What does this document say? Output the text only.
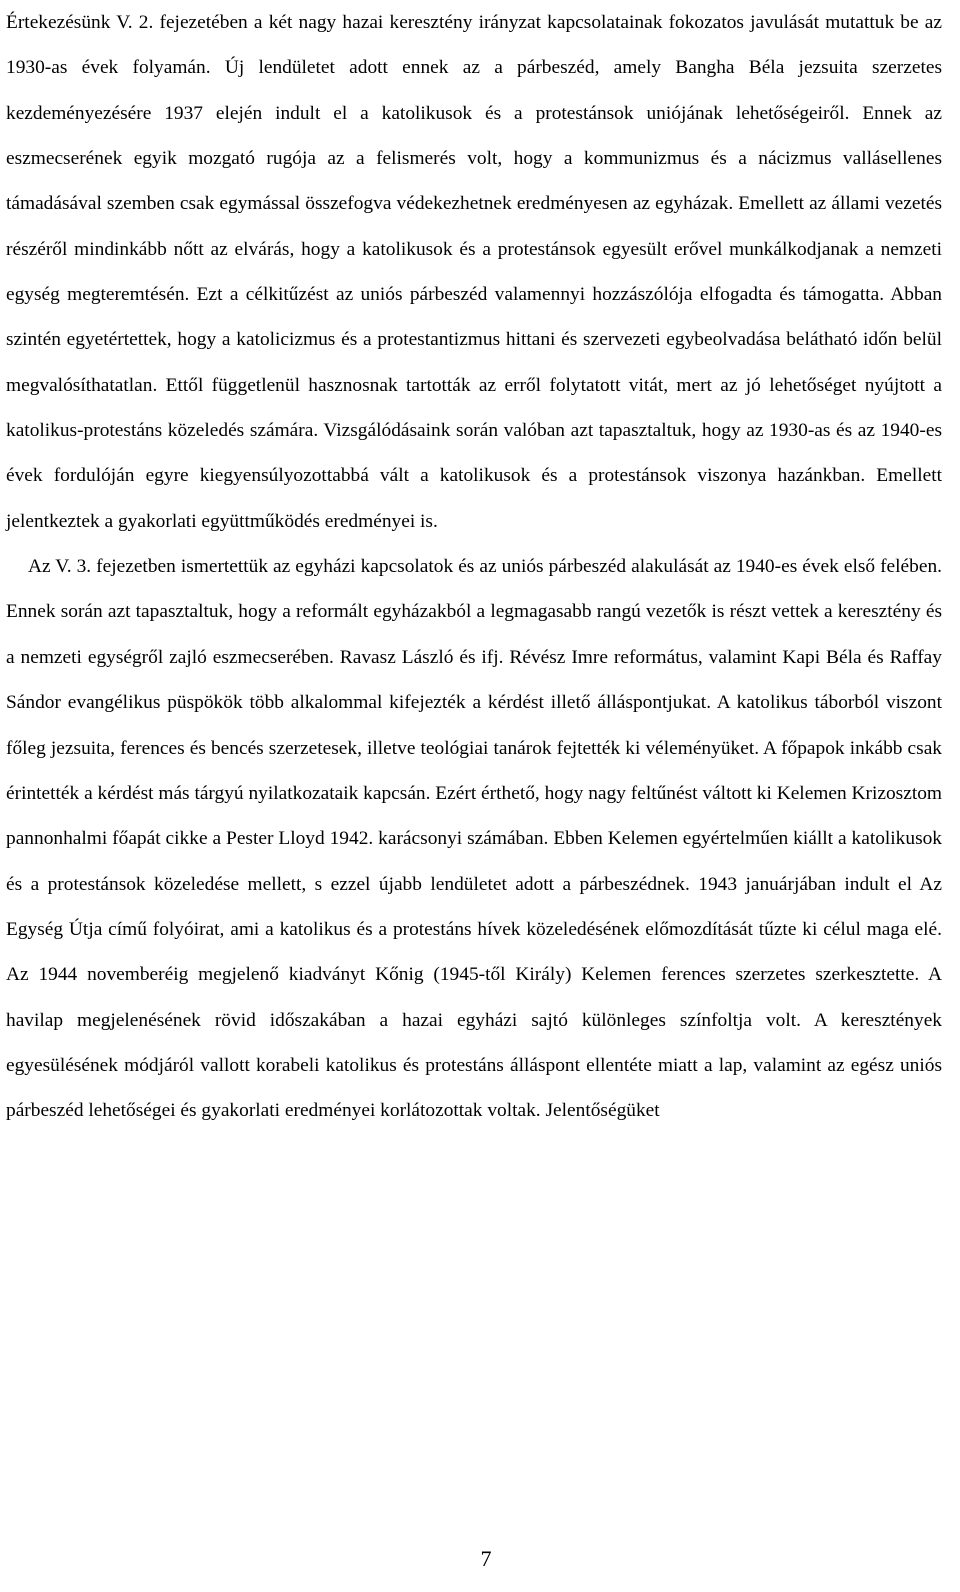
Értekezésünk V. 2. fejezetében a két nagy hazai keresztény irányzat kapcsolatainak fokozatos javulását mutattuk be az 1930-as évek folyamán. Új lendületet adott ennek az a párbeszéd, amely Bangha Béla jezsuita szerzetes kezdeményezésére 1937 elején indult el a katolikusok és a protestánsok uniójának lehetőségeiről. Ennek az eszmecserének egyik mozgató rugója az a felismerés volt, hogy a kommunizmus és a nácizmus vallásellenes támadásával szemben csak egymással összefogva védekezhetnek eredményesen az egyházak. Emellett az állami vezetés részéről mindinkább nőtt az elvárás, hogy a katolikusok és a protestánsok egyesült erővel munkálkodjanak a nemzeti egység megteremtésén. Ezt a célkitűzést az uniós párbeszéd valamennyi hozzászólója elfogadta és támogatta. Abban szintén egyetértettek, hogy a katolicizmus és a protestantizmus hittani és szervezeti egybeolvadása belátható időn belül megvalósíthatatlan. Ettől függetlenül hasznosnak tartották az erről folytatott vitát, mert az jó lehetőséget nyújtott a katolikus-protestáns közeledés számára. Vizsgálódásaink során valóban azt tapasztaltuk, hogy az 1930-as és az 1940-es évek fordulóján egyre kiegyensúlyozottabbá vált a katolikusok és a protestánsok viszonya hazánkban. Emellett jelentkeztek a gyakorlati együttműködés eredményei is.

Az V. 3. fejezetben ismertettük az egyházi kapcsolatok és az uniós párbeszéd alakulását az 1940-es évek első felében. Ennek során azt tapasztaltuk, hogy a reformált egyházakból a legmagasabb rangú vezetők is részt vettek a keresztény és a nemzeti egységről zajló eszmecserében. Ravasz László és ifj. Révész Imre református, valamint Kapi Béla és Raffay Sándor evangélikus püspökök több alkalommal kifejezték a kérdést illető álláspontjukat. A katolikus táborból viszont főleg jezsuita, ferences és bencés szerzetesek, illetve teológiai tanárok fejtették ki véleményüket. A főpapok inkább csak érintették a kérdést más tárgyú nyilatkozataik kapcsán. Ezért érthető, hogy nagy feltűnést váltott ki Kelemen Krizosztom pannonhalmi főapát cikke a Pester Lloyd 1942. karácsonyi számában. Ebben Kelemen egyértelműen kiállt a katolikusok és a protestánsok közeledése mellett, s ezzel újabb lendületet adott a párbeszédnek. 1943 januárjában indult el Az Egység Útja című folyóirat, ami a katolikus és a protestáns hívek közeledésének előmozdítását tűzte ki célul maga elé. Az 1944 novemberéig megjelenő kiadványt Kőnig (1945-től Király) Kelemen ferences szerzetes szerkesztette. A havilap megjelenésének rövid időszakában a hazai egyházi sajtó különleges színfoltja volt. A keresztények egyesülésének módjáról vallott korabeli katolikus és protestáns álláspont ellentéte miatt a lap, valamint az egész uniós párbeszéd lehetőségei és gyakorlati eredményei korlátozottak voltak. Jelentőségüket

7
